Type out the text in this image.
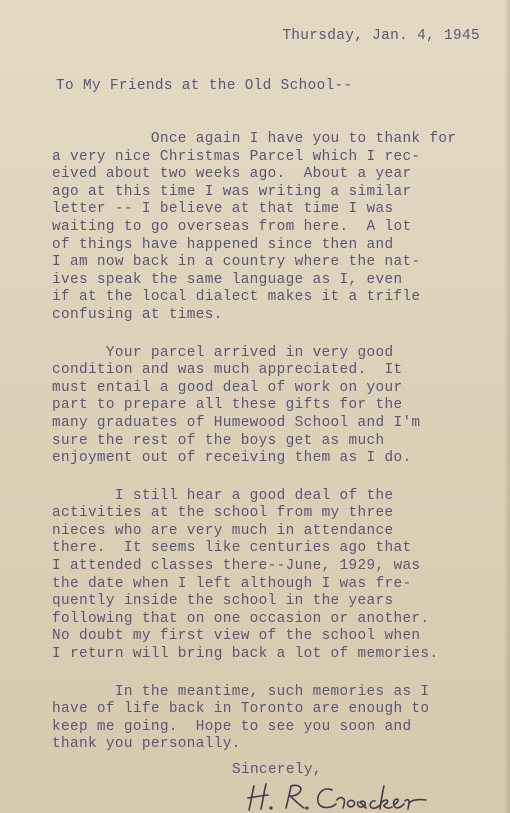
Thursday, Jan. 4, 1945
To My Friends at the Old School--
Once again I have you to thank for
a very nice Christmas Parcel which I rec-
eived about two weeks ago.  About a year
ago at this time I was writing a similar
letter -- I believe at that time I was
waiting to go overseas from here.  A lot
of things have happened since then and
I am now back in a country where the nat-
ives speak the same language as I, even
if at the local dialect makes it a trifle
confusing at times.
Your parcel arrived in very good
condition and was much appreciated.  It
must entail a good deal of work on your
part to prepare all these gifts for the
many graduates of Humewood School and I'm
sure the rest of the boys get as much
enjoyment out of receiving them as I do.
I still hear a good deal of the
activities at the school from my three
nieces who are very much in attendance
there.  It seems like centuries ago that
I attended classes there--June, 1929, was
the date when I left although I was fre-
quently inside the school in the years
following that on one occasion or another.
No doubt my first view of the school when
I return will bring back a lot of memories.
In the meantime, such memories as I
have of life back in Toronto are enough to
keep me going.  Hope to see you soon and
thank you personally.
Sincerely,
